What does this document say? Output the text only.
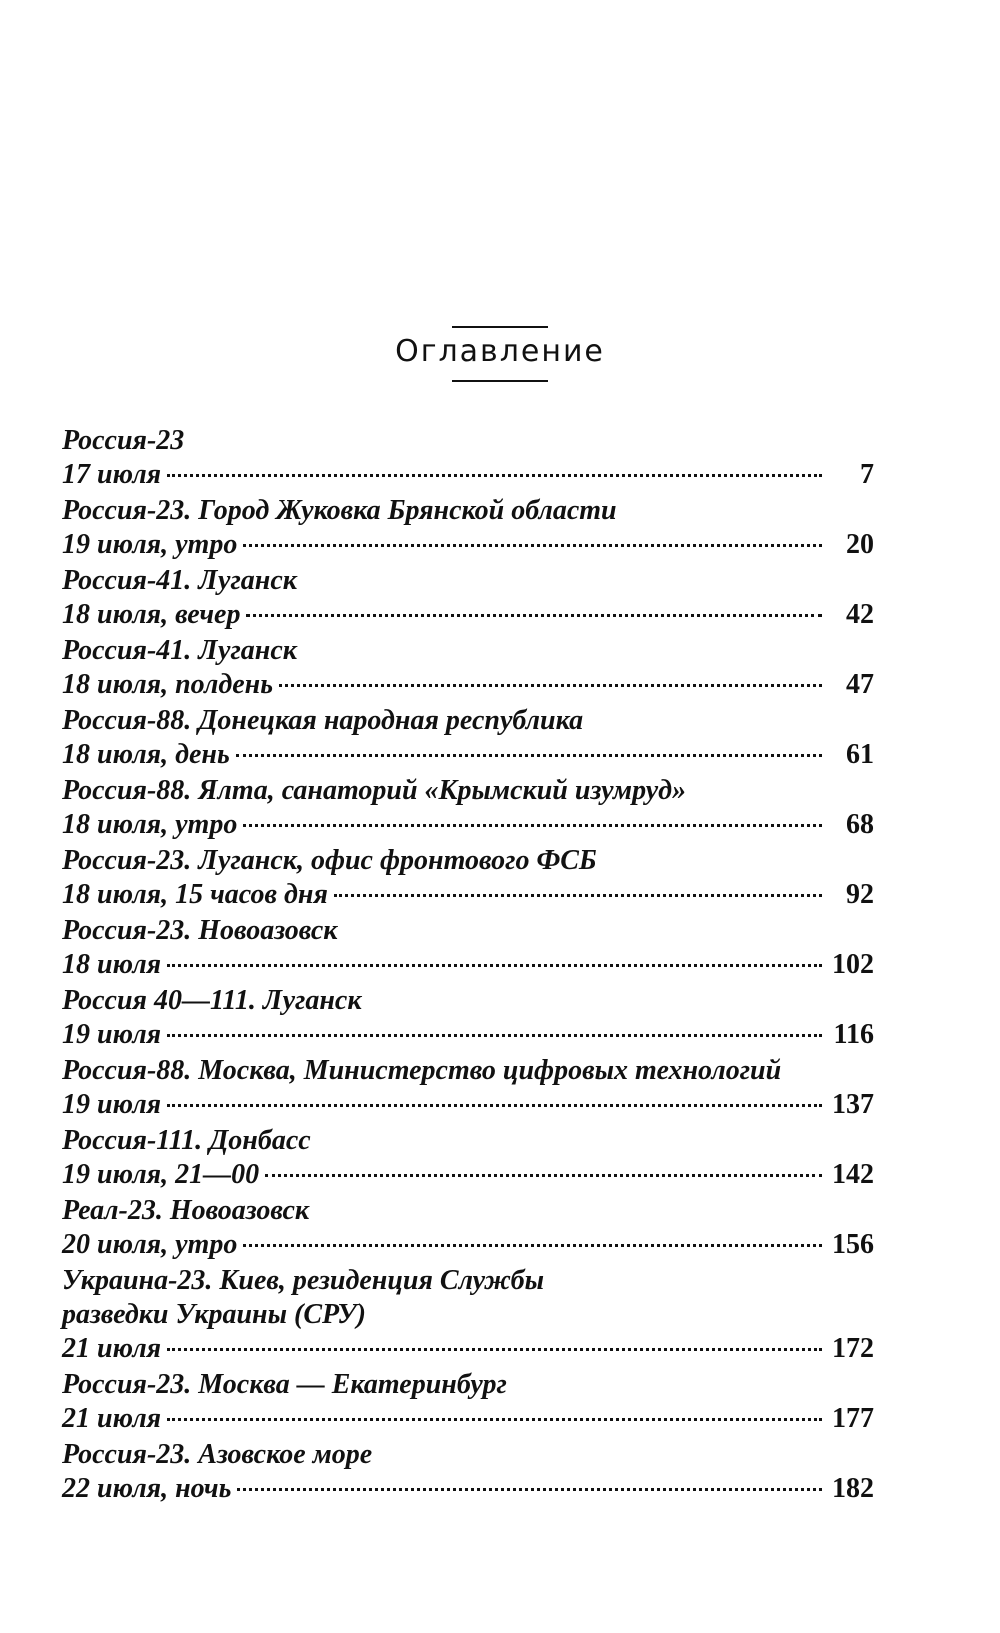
Оглавление
Россия-23
17 июля	7
Россия-23. Город Жуковка Брянской области
19 июля, утро	20
Россия-41. Луганск
18 июля, вечер	42
Россия-41. Луганск
18 июля, полдень	47
Россия-88. Донецкая народная республика
18 июля, день	61
Россия-88. Ялта, санаторий «Крымский изумруд»
18 июля, утро	68
Россия-23. Луганск, офис фронтового ФСБ
18 июля, 15 часов дня	92
Россия-23. Новоазовск
18 июля	102
Россия 40—111. Луганск
19 июля	116
Россия-88. Москва, Министерство цифровых технологий
19 июля	137
Россия-111. Донбасс
19 июля, 21—00	142
Реал-23. Новоазовск
20 июля, утро	156
Украина-23. Киев, резиденция Службы разведки Украины (СРУ)
21 июля	172
Россия-23. Москва — Екатеринбург
21 июля	177
Россия-23. Азовское море
22 июля, ночь	182
